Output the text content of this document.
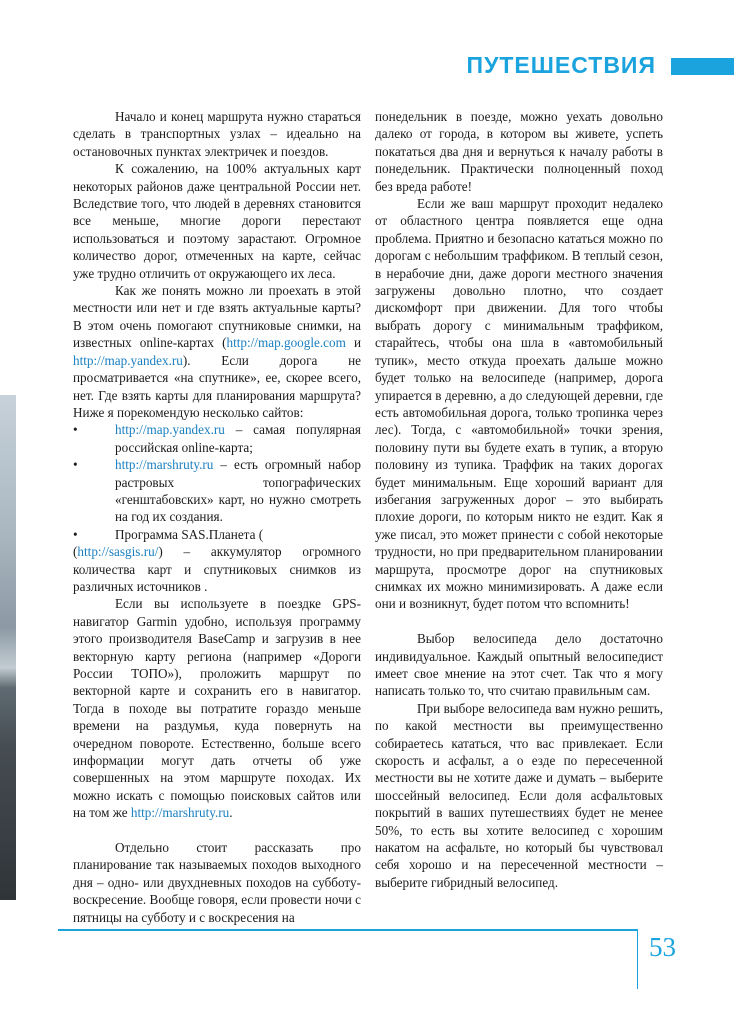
ПУТЕШЕСТВИЯ

Начало и конец маршрута нужно стараться сделать в транспортных узлах – идеально на остановочных пунктах электричек и поездов.

К сожалению, на 100% актуальных карт некоторых районов даже центральной России нет. Вследствие того, что людей в деревнях становится все меньше, многие дороги перестают использоваться и поэтому зарастают. Огромное количество дорог, отмеченных на карте, сейчас уже трудно отличить от окружающего их леса.

Как же понять можно ли проехать в этой местности или нет и где взять актуальные карты? В этом очень помогают спутниковые снимки, на известных online-картах (http://map.google.com и http://map.yandex.ru). Если дорога не просматривается «на спутнике», ее, скорее всего, нет. Где взять карты для планирования маршрута? Ниже я порекомендую несколько сайтов:

• http://map.yandex.ru – самая популярная российская online-карта;
• http://marshruty.ru – есть огромный набор растровых топографических «генштабовских» карт, но нужно смотреть на год их создания.
• Программа SAS.Планета (

(http://sasgis.ru/) – аккумулятор огромного количества карт и спутниковых снимков из различных источников .

Если вы используете в поездке GPS-навигатор Garmin удобно, используя программу этого производителя BaseCamp и загрузив в нее векторную карту региона (например «Дороги России ТОПО»), проложить маршрут по векторной карте и сохранить его в навигатор. Тогда в походе вы потратите гораздо меньше времени на раздумья, куда повернуть на очередном повороте. Естественно, больше всего информации могут дать отчеты об уже совершенных на этом маршруте походах. Их можно искать с помощью поисковых сайтов или на том же http://marshruty.ru.

Отдельно стоит рассказать про планирование так называемых походов выходного дня – одно- или двухдневных походов на субботу-воскресение. Вообще говоря, если провести ночи с пятницы на субботу и с воскресения на

понедельник в поезде, можно уехать довольно далеко от города, в котором вы живете, успеть покататься два дня и вернуться к началу работы в понедельник. Практически полноценный поход без вреда работе!

Если же ваш маршрут проходит недалеко от областного центра появляется еще одна проблема. Приятно и безопасно кататься можно по дорогам с небольшим траффиком. В теплый сезон, в нерабочие дни, даже дороги местного значения загружены довольно плотно, что создает дискомфорт при движении. Для того чтобы выбрать дорогу с минимальным траффиком, старайтесь, чтобы она шла в «автомобильный тупик», место откуда проехать дальше можно будет только на велосипеде (например, дорога упирается в деревню, а до следующей деревни, где есть автомобильная дорога, только тропинка через лес). Тогда, с «автомобильной» точки зрения, половину пути вы будете ехать в тупик, а вторую половину из тупика. Траффик на таких дорогах будет минимальным. Еще хороший вариант для избегания загруженных дорог – это выбирать плохие дороги, по которым никто не ездит. Как я уже писал, это может принести с собой некоторые трудности, но при предварительном планировании маршрута, просмотре дорог на спутниковых снимках их можно минимизировать. А даже если они и возникнут, будет потом что вспомнить!

Выбор велосипеда дело достаточно индивидуальное. Каждый опытный велосипедист имеет свое мнение на этот счет. Так что я могу написать только то, что считаю правильным сам.

При выборе велосипеда вам нужно решить, по какой местности вы преимущественно собираетесь кататься, что вас привлекает. Если скорость и асфальт, а о езде по пересеченной местности вы не хотите даже и думать – выберите шоссейный велосипед. Если доля асфальтовых покрытий в ваших путешествиях будет не менее 50%, то есть вы хотите велосипед с хорошим накатом на асфальте, но который бы чувствовал себя хорошо и на пересеченной местности – выберите гибридный велосипед.

53
